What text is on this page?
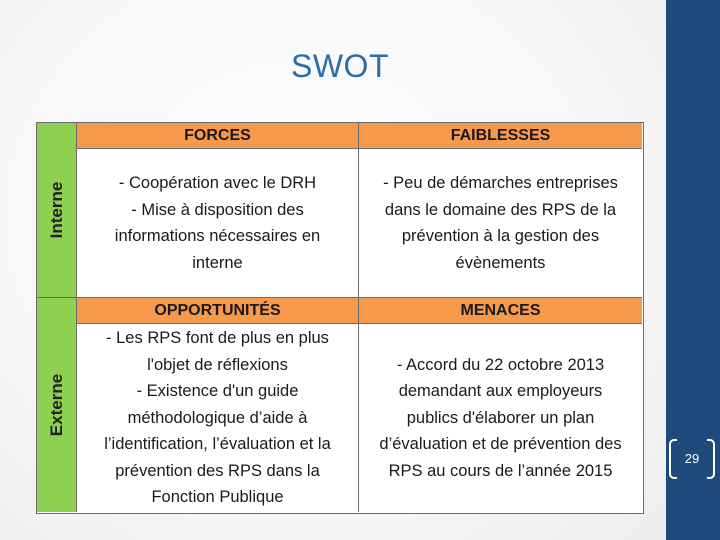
SWOT
Interne
Externe
FORCES	FAIBLESSES
- Coopération avec le DRH
- Mise à disposition des
informations nécessaires en
interne
- Peu de démarches entreprises
dans le domaine des RPS de la
prévention à la gestion des
évènements
OPPORTUNITÉS	MENACES
- Les RPS font de plus en plus
l'objet de réflexions
- Existence d'un guide
méthodologique d’aide à
l’identification, l’évaluation et la
prévention des RPS dans la
Fonction Publique
- Accord du 22 octobre 2013
demandant aux employeurs
publics d'élaborer un plan
d’évaluation et de prévention des
RPS au cours de l’année 2015
29
